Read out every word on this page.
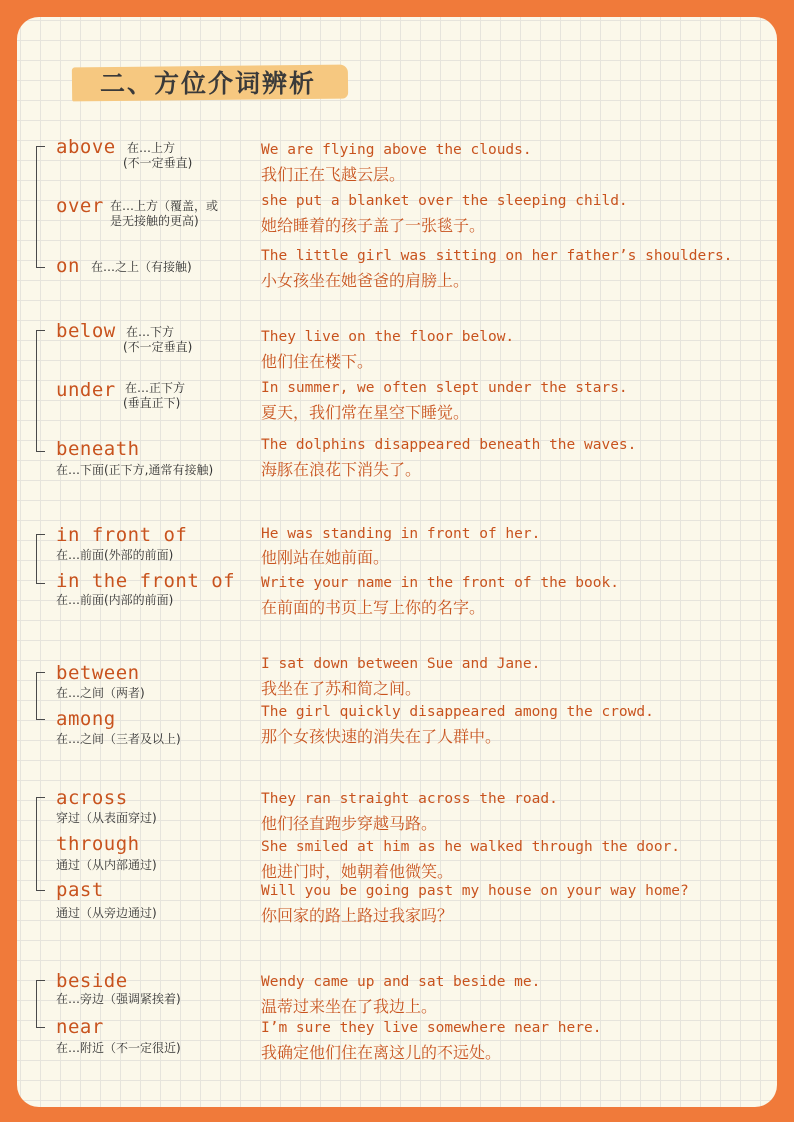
二、方位介词辨析
above 在…上方
(不一定垂直)
We are flying above the clouds.
我们正在飞越云层。
over 在…上方（覆盖，或
是无接触的更高)
she put a blanket over the sleeping child.
她给睡着的孩子盖了一张毯子。
on 在…之上（有接触)
The little girl was sitting on her father’s shoulders.
小女孩坐在她爸爸的肩膀上。
below 在…下方
(不一定垂直)
They live on the floor below.
他们住在楼下。
under 在…正下方
(垂直正下)
In summer, we often slept under the stars.
夏天，我们常在星空下睡觉。
beneath
在…下面(正下方,通常有接触)
The dolphins disappeared beneath the waves.
海豚在浪花下消失了。
in front of
在…前面(外部的前面)
He was standing in front of her.
他刚站在她前面。
in the front of
在…前面(内部的前面)
Write your name in the front of the book.
在前面的书页上写上你的名字。
between
在…之间（两者)
I sat down between Sue and Jane.
我坐在了苏和简之间。
among
在…之间（三者及以上)
The girl quickly disappeared among the crowd.
那个女孩快速的消失在了人群中。
across
穿过（从表面穿过)
They ran straight across the road.
他们径直跑步穿越马路。
through
通过（从内部通过)
She smiled at him as he walked through the door.
他进门时，她朝着他微笑。
past
通过（从旁边通过)
Will you be going past my house on your way home?
你回家的路上路过我家吗？
beside
在…旁边（强调紧挨着)
Wendy came up and sat beside me.
温蒂过来坐在了我边上。
near
在…附近（不一定很近)
I’m sure they live somewhere near here.
我确定他们住在离这儿的不远处。
